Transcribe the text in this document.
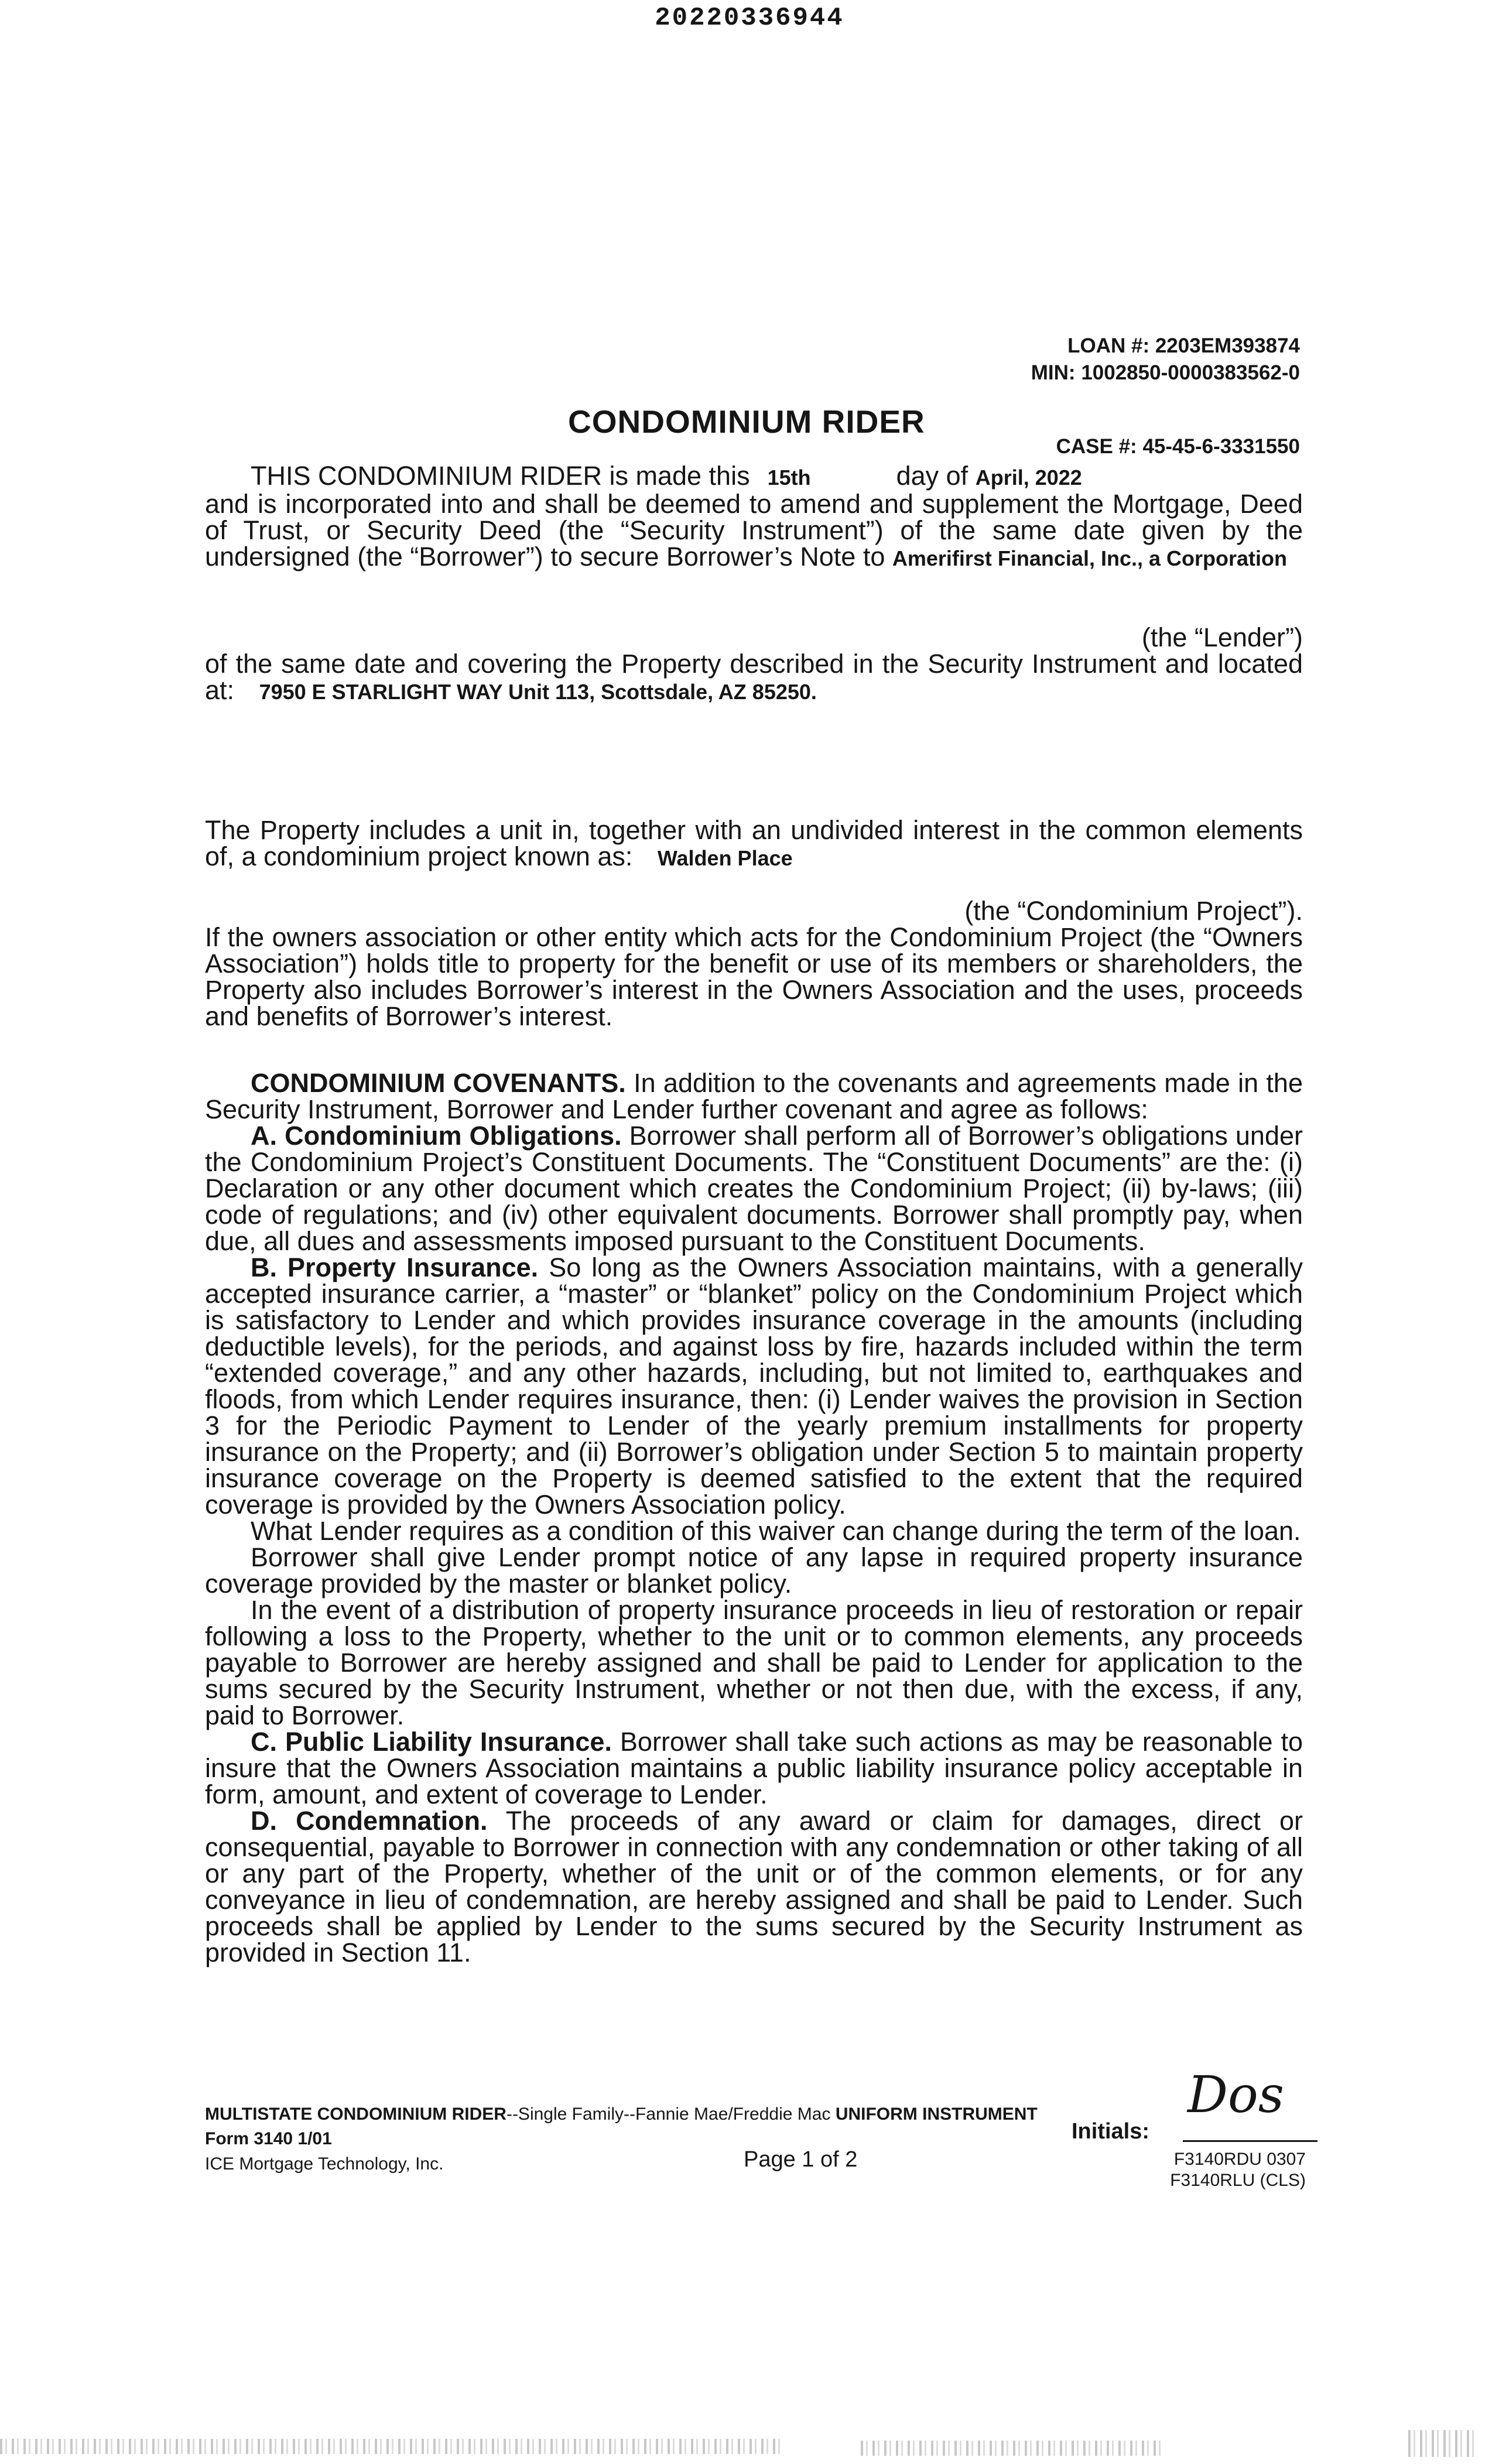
20220336944
LOAN #: 2203EM393874
MIN: 1002850-0000383562-0
CONDOMINIUM RIDER
CASE #: 45-45-6-3331550

THIS CONDOMINIUM RIDER is made this 15th	day of April, 2022

and is incorporated into and shall be deemed to amend and supplement the Mortgage, Deed of Trust, or Security Deed (the “Security Instrument”) of the same date given by the undersigned (the “Borrower”) to secure Borrower’s Note to Amerifirst Financial, Inc., a Corporation

(the “Lender”)

of the same date and covering the Property described in the Security Instrument and located at: 7950 E STARLIGHT WAY Unit 113, Scottsdale, AZ 85250.

The Property includes a unit in, together with an undivided interest in the common elements of, a condominium project known as: Walden Place

(the “Condominium Project”).

If the owners association or other entity which acts for the Condominium Project (the “Owners Association”) holds title to property for the benefit or use of its members or shareholders, the Property also includes Borrower’s interest in the Owners Association and the uses, proceeds and benefits of Borrower’s interest.

CONDOMINIUM COVENANTS. In addition to the covenants and agreements made in the Security Instrument, Borrower and Lender further covenant and agree as follows:

A. Condominium Obligations. Borrower shall perform all of Borrower’s obligations under the Condominium Project’s Constituent Documents. The “Constituent Documents” are the: (i) Declaration or any other document which creates the Condominium Project; (ii) by-laws; (iii) code of regulations; and (iv) other equivalent documents. Borrower shall promptly pay, when due, all dues and assessments imposed pursuant to the Constituent Documents.

B. Property Insurance. So long as the Owners Association maintains, with a generally accepted insurance carrier, a “master” or “blanket” policy on the Condominium Project which is satisfactory to Lender and which provides insurance coverage in the amounts (including deductible levels), for the periods, and against loss by fire, hazards included within the term “extended coverage,” and any other hazards, including, but not limited to, earthquakes and floods, from which Lender requires insurance, then: (i) Lender waives the provision in Section 3 for the Periodic Payment to Lender of the yearly premium installments for property insurance on the Property; and (ii) Borrower’s obligation under Section 5 to maintain property insurance coverage on the Property is deemed satisfied to the extent that the required coverage is provided by the Owners Association policy.

What Lender requires as a condition of this waiver can change during the term of the loan.

Borrower shall give Lender prompt notice of any lapse in required property insurance coverage provided by the master or blanket policy.

In the event of a distribution of property insurance proceeds in lieu of restoration or repair following a loss to the Property, whether to the unit or to common elements, any proceeds payable to Borrower are hereby assigned and shall be paid to Lender for application to the sums secured by the Security Instrument, whether or not then due, with the excess, if any, paid to Borrower.

C. Public Liability Insurance. Borrower shall take such actions as may be reasonable to insure that the Owners Association maintains a public liability insurance policy acceptable in form, amount, and extent of coverage to Lender.

D. Condemnation. The proceeds of any award or claim for damages, direct or consequential, payable to Borrower in connection with any condemnation or other taking of all or any part of the Property, whether of the unit or of the common elements, or for any conveyance in lieu of condemnation, are hereby assigned and shall be paid to Lender. Such proceeds shall be applied by Lender to the sums secured by the Security Instrument as provided in Section 11.

MULTISTATE CONDOMINIUM RIDER--Single Family--Fannie Mae/Freddie Mac UNIFORM INSTRUMENT
Form 3140 1/01
ICE Mortgage Technology, Inc.	Page 1 of 2
Initials:
Dos
F3140RDU 0307
F3140RLU (CLS)
